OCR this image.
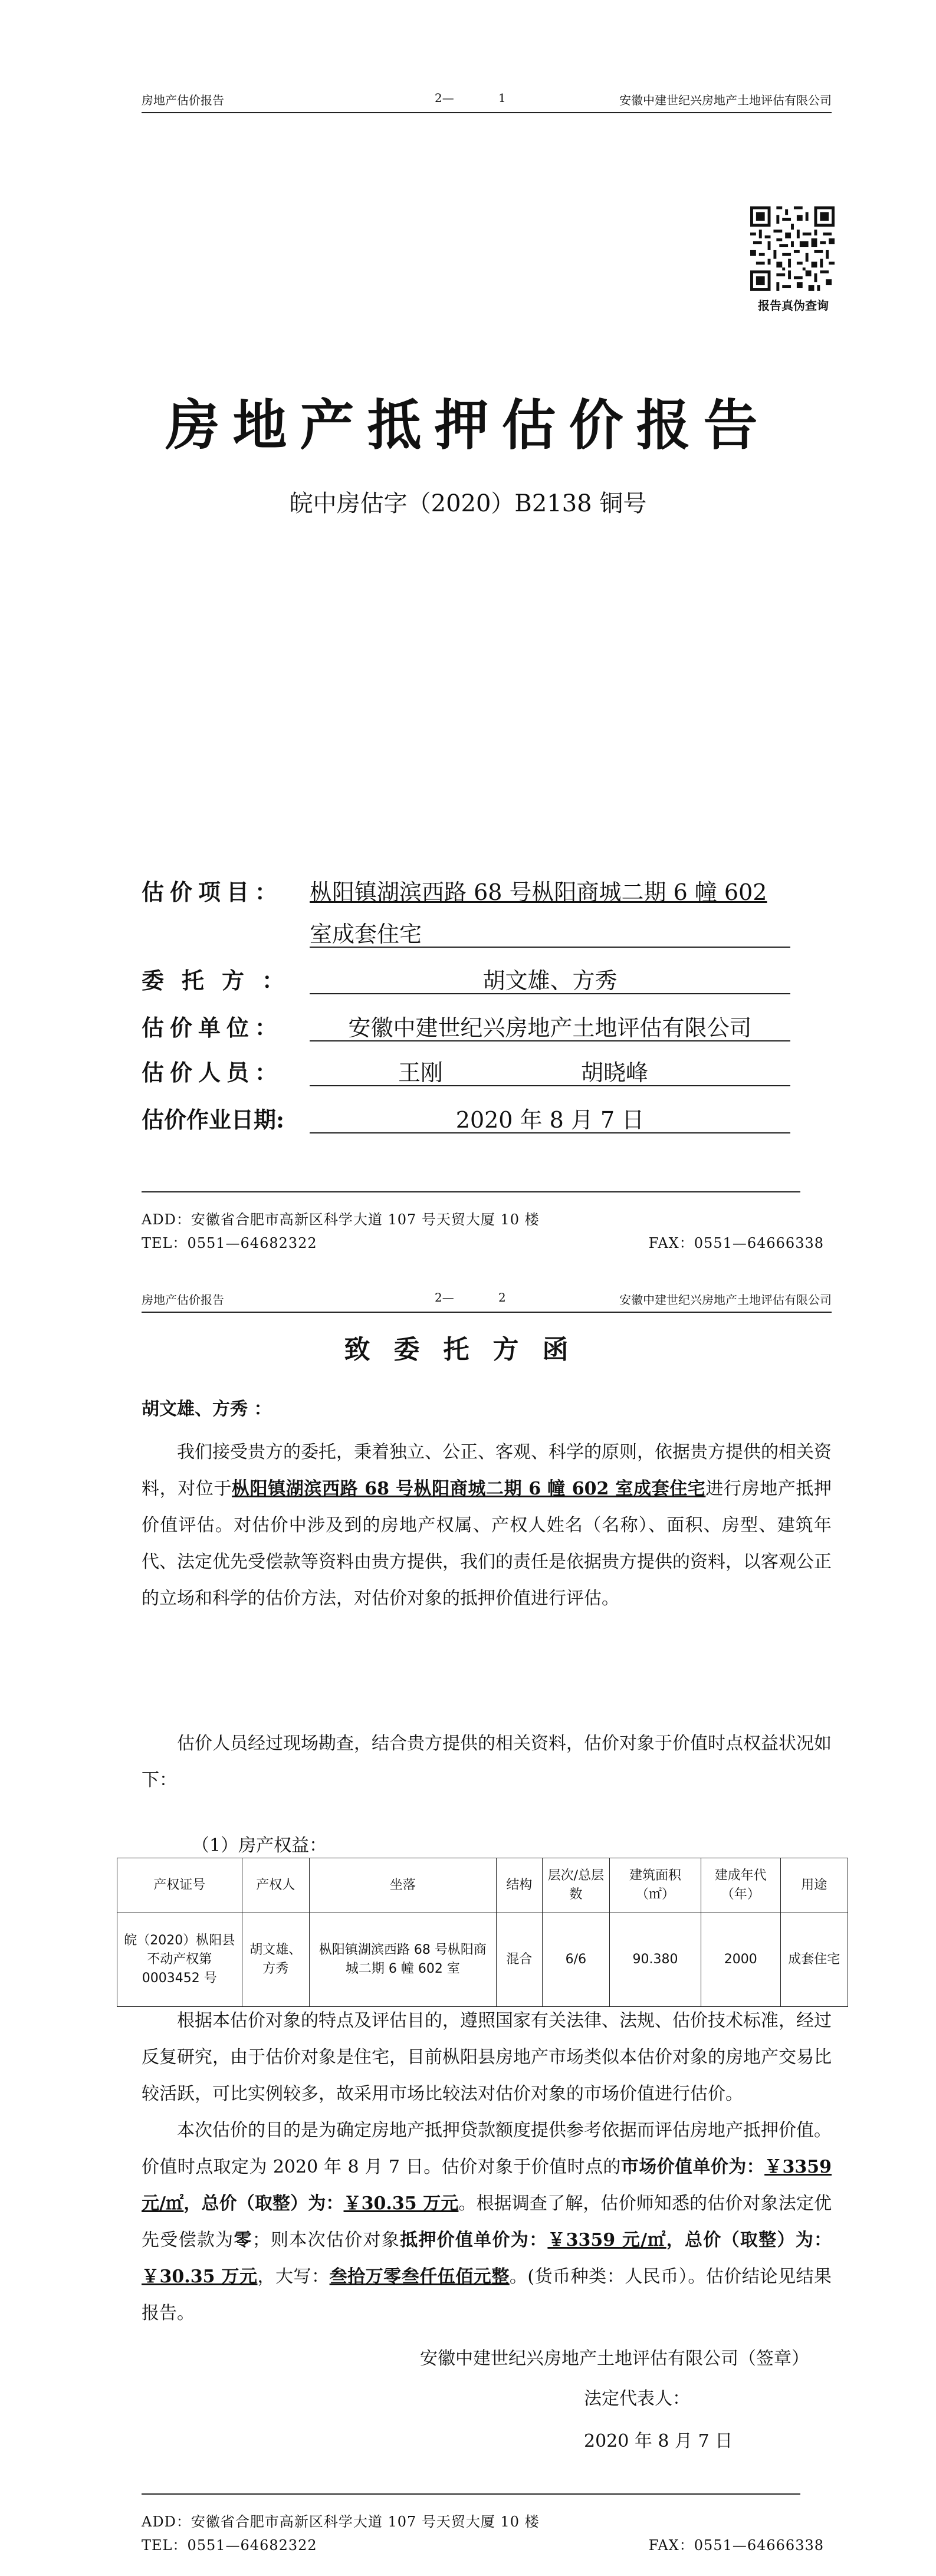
房地产估价报告	2—	1	安徽中建世纪兴房地产土地评估有限公司
报告真伪查询
房地产抵押估价报告
皖中房估字（2020）B2138 铜号
估价项目：	枞阳镇湖滨西路 68 号枞阳商城二期 6 幢 602
室成套住宅
委托方：	胡文雄、方秀
估价单位：	安徽中建世纪兴房地产土地评估有限公司
估价人员：	王刚	胡晓峰
估价作业日期:	2020 年 8 月 7 日
ADD：安徽省合肥市高新区科学大道 107 号天贸大厦 10 楼
TEL：0551—64682322	FAX：0551—64666338
房地产估价报告	2—	2	安徽中建世纪兴房地产土地评估有限公司
致委托方函
胡文雄、方秀 ：
我们接受贵方的委托，秉着独立、公正、客观、科学的原则，依据贵方提供的相关资料，对位于枞阳镇湖滨西路 68 号枞阳商城二期 6 幢 602 室成套住宅进行房地产抵押价值评估。对估价中涉及到的房地产权属、产权人姓名（名称）、面积、房型、建筑年代、法定优先受偿款等资料由贵方提供，我们的责任是依据贵方提供的资料，以客观公正的立场和科学的估价方法，对估价对象的抵押价值进行评估。
估价人员经过现场勘查，结合贵方提供的相关资料，估价对象于价值时点权益状况如下：
（1）房产权益：
产权证号	产权人	坐落	结构	层次/总层数	建筑面积（㎡）	建成年代（年）	用途
皖（2020）枞阳县不动产权第 0003452 号	胡文雄、方秀	枞阳镇湖滨西路 68 号枞阳商城二期 6 幢 602 室	混合	6/6	90.380	2000	成套住宅
根据本估价对象的特点及评估目的，遵照国家有关法律、法规、估价技术标准，经过反复研究，由于估价对象是住宅，目前枞阳县房地产市场类似本估价对象的房地产交易比较活跃，可比实例较多，故采用市场比较法对估价对象的市场价值进行估价。
本次估价的目的是为确定房地产抵押贷款额度提供参考依据而评估房地产抵押价值。价值时点取定为 2020 年 8 月 7 日。估价对象于价值时点的市场价值单价为：￥3359 元/㎡，总价（取整）为：￥30.35 万元。根据调查了解，估价师知悉的估价对象法定优先受偿款为零；则本次估价对象抵押价值单价为：￥3359 元/㎡，总价（取整）为：￥30.35 万元，大写：叁拾万零叁仟伍佰元整。(货币种类：人民币）。估价结论见结果报告。
安徽中建世纪兴房地产土地评估有限公司（签章）
法定代表人：
2020 年 8 月 7 日
ADD：安徽省合肥市高新区科学大道 107 号天贸大厦 10 楼
TEL：0551—64682322	FAX：0551—64666338
